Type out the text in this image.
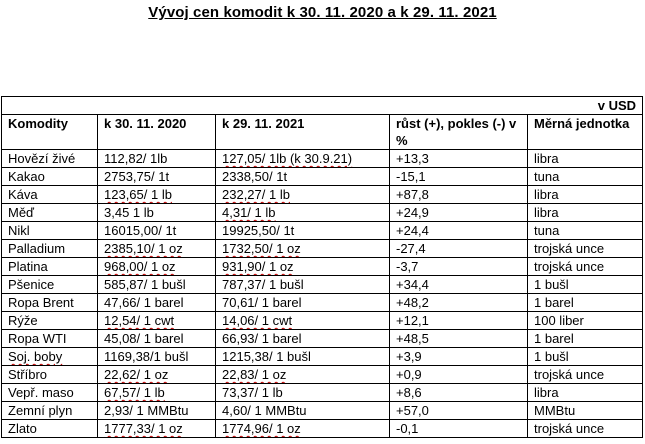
Vývoj cen komodit k 30. 11. 2020 a k 29. 11. 2021
v USD				
Komodity	k 30. 11. 2020	k 29. 11. 2021	růst (+), pokles (-) v %	Měrná jednotka
Hovězí živé	112,82/ 1lb	127,05/ 1lb (k 30.9.21)	+13,3	libra
Kakao	2753,75/ 1t	2338,50/ 1t	-15,1	tuna
Káva	123,65/ 1 lb	232,27/ 1 lb	+87,8	libra
Měď	3,45 1 lb	4,31/ 1 lb	+24,9	libra
Nikl	16015,00/ 1t	19925,50/ 1t	+24,4	tuna
Palladium	2385,10/ 1 oz	1732,50/ 1 oz	-27,4	trojská unce
Platina	968,00/ 1 oz	931,90/ 1 oz	-3,7	trojská unce
Pšenice	585,87/ 1 bušl	787,37/ 1 bušl	+34,4	1 bušl
Ropa Brent	47,66/ 1 barel	70,61/ 1 barel	+48,2	1 barel
Rýže	12,54/ 1 cwt	14,06/ 1 cwt	+12,1	100 liber
Ropa WTI	45,08/ 1 barel	66,93/ 1 barel	+48,5	1 barel
Soj. boby	1169,38/1 bušl	1215,38/ 1 bušl	+3,9	1 bušl
Stříbro	22,62/ 1 oz	22,83/ 1 oz	+0,9	trojská unce
Vepř. maso	67,57/ 1 lb	73,37/ 1 lb	+8,6	libra
Zemní plyn	2,93/ 1 MMBtu	4,60/ 1 MMBtu	+57,0	MMBtu
Zlato	1777,33/ 1 oz	1774,96/ 1 oz	-0,1	trojská unce
